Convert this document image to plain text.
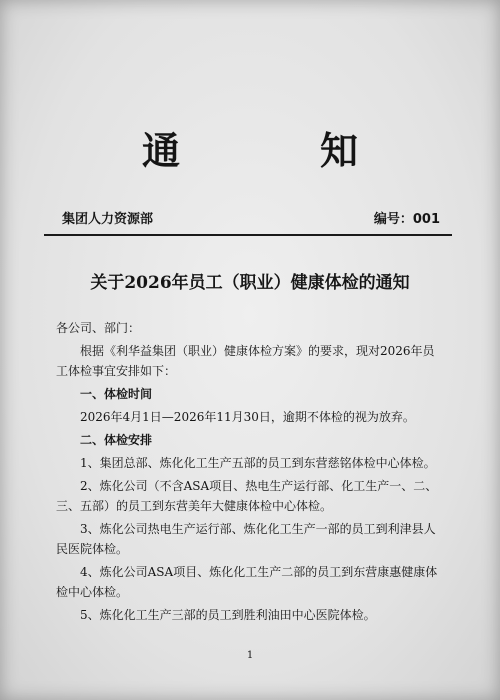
通知
集团人力资源部	编号：001
关于2026年员工（职业）健康体检的通知

各公司、部门：

根据《利华益集团（职业）健康体检方案》的要求，现对2026年员工体检事宜安排如下：

一、体检时间

2026年4月1日—2026年11月30日，逾期不体检的视为放弃。

二、体检安排

1、集团总部、炼化化工生产五部的员工到东营慈铭体检中心体检。

2、炼化公司（不含ASA项目、热电生产运行部、化工生产一、二、三、五部）的员工到东营美年大健康体检中心体检。

3、炼化公司热电生产运行部、炼化化工生产一部的员工到利津县人民医院体检。

4、炼化公司ASA项目、炼化化工生产二部的员工到东营康惠健康体检中心体检。

5、炼化化工生产三部的员工到胜利油田中心医院体检。

1
